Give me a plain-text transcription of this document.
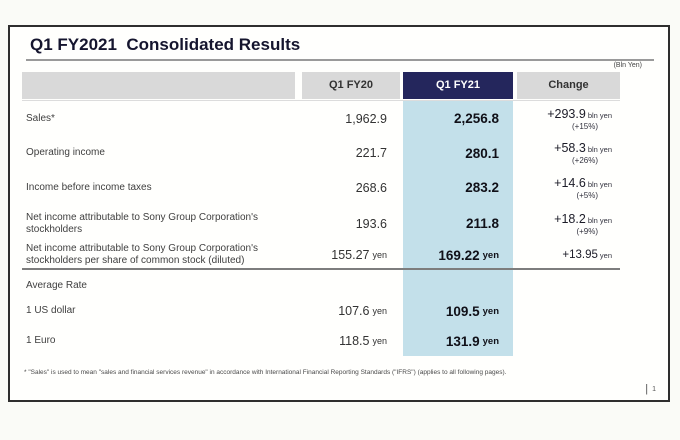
Q1 FY2021  Consolidated Results
(Bln Yen)
Q1 FY20	Q1 FY21	Change
Sales*	1,962.9	2,256.8	+293.9 bln yen
(+15%)
Operating income	221.7	280.1	+58.3 bln yen
(+26%)
Income before income taxes	268.6	283.2	+14.6 bln yen
(+5%)
Net income attributable to Sony Group Corporation's stockholders	193.6	211.8	+18.2 bln yen
(+9%)
Net income attributable to Sony Group Corporation's stockholders per share of common stock (diluted)	155.27 yen	169.22 yen	+13.95 yen
Average Rate
1 US dollar	107.6 yen	109.5 yen
1 Euro	118.5 yen	131.9 yen
* "Sales" is used to mean "sales and financial services revenue" in accordance with International Financial Reporting Standards ("IFRS") (applies to all following pages).
| 1
